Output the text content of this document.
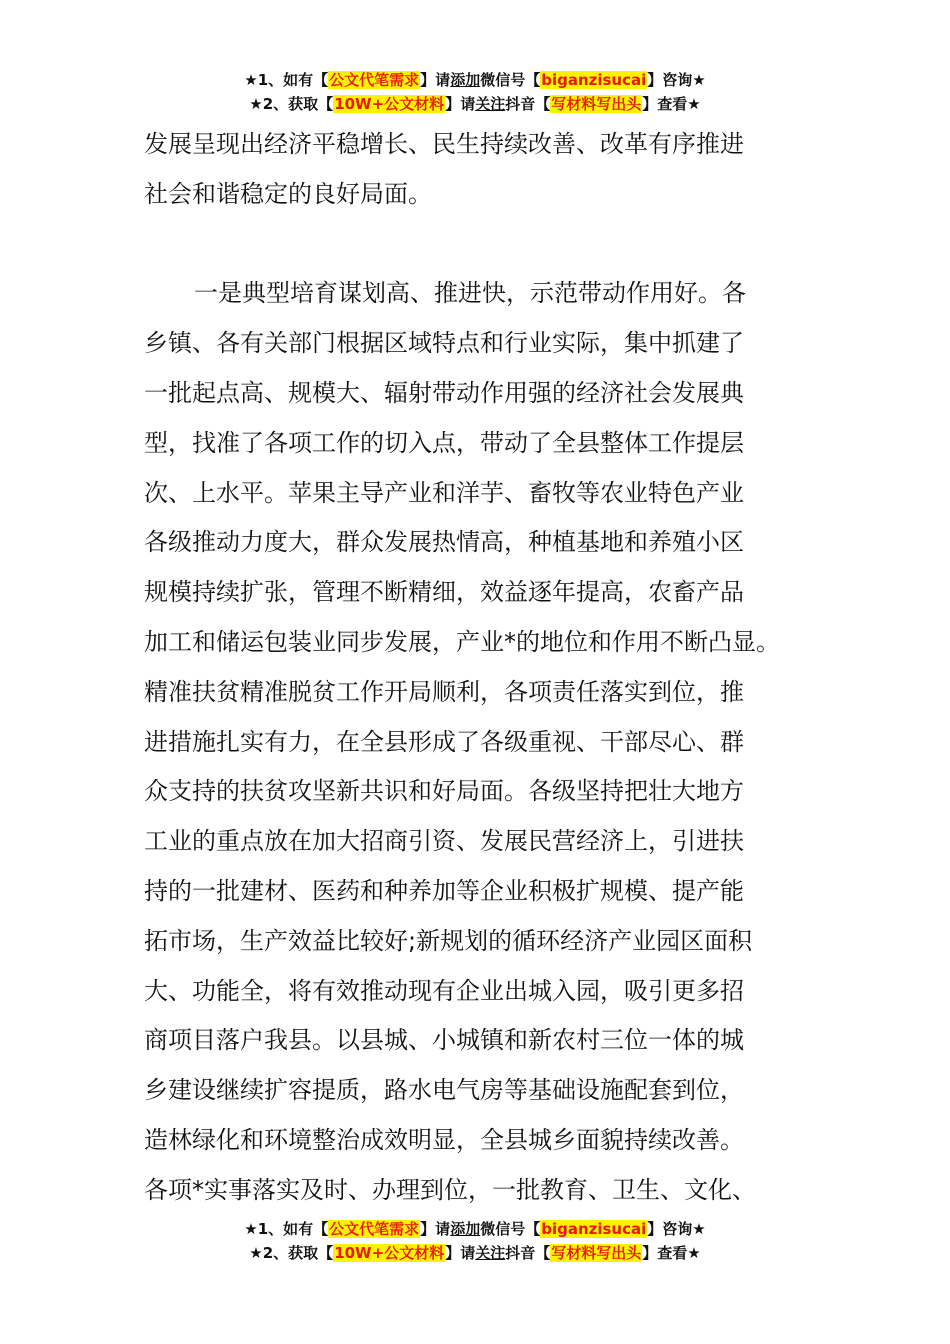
★1、如有【公文代笔需求】请添加微信号【biganzisucai】咨询★
★2、获取【10W+公文材料】请关注抖音【写材料写出头】查看★
发展呈现出经济平稳增长、民生持续改善、改革有序推进
社会和谐稳定的良好局面。
一是典型培育谋划高、推进快，示范带动作用好。各
乡镇、各有关部门根据区域特点和行业实际，集中抓建了
一批起点高、规模大、辐射带动作用强的经济社会发展典
型，找准了各项工作的切入点，带动了全县整体工作提层
次、上水平。苹果主导产业和洋芋、畜牧等农业特色产业
各级推动力度大，群众发展热情高，种植基地和养殖小区
规模持续扩张，管理不断精细，效益逐年提高，农畜产品
加工和储运包装业同步发展，产业*的地位和作用不断凸显。
精准扶贫精准脱贫工作开局顺利，各项责任落实到位，推
进措施扎实有力，在全县形成了各级重视、干部尽心、群
众支持的扶贫攻坚新共识和好局面。各级坚持把壮大地方
工业的重点放在加大招商引资、发展民营经济上，引进扶
持的一批建材、医药和种养加等企业积极扩规模、提产能
拓市场，生产效益比较好;新规划的循环经济产业园区面积
大、功能全，将有效推动现有企业出城入园，吸引更多招
商项目落户我县。以县城、小城镇和新农村三位一体的城
乡建设继续扩容提质，路水电气房等基础设施配套到位，
造林绿化和环境整治成效明显，全县城乡面貌持续改善。
各项*实事落实及时、办理到位，一批教育、卫生、文化、
★1、如有【公文代笔需求】请添加微信号【biganzisucai】咨询★
★2、获取【10W+公文材料】请关注抖音【写材料写出头】查看★
